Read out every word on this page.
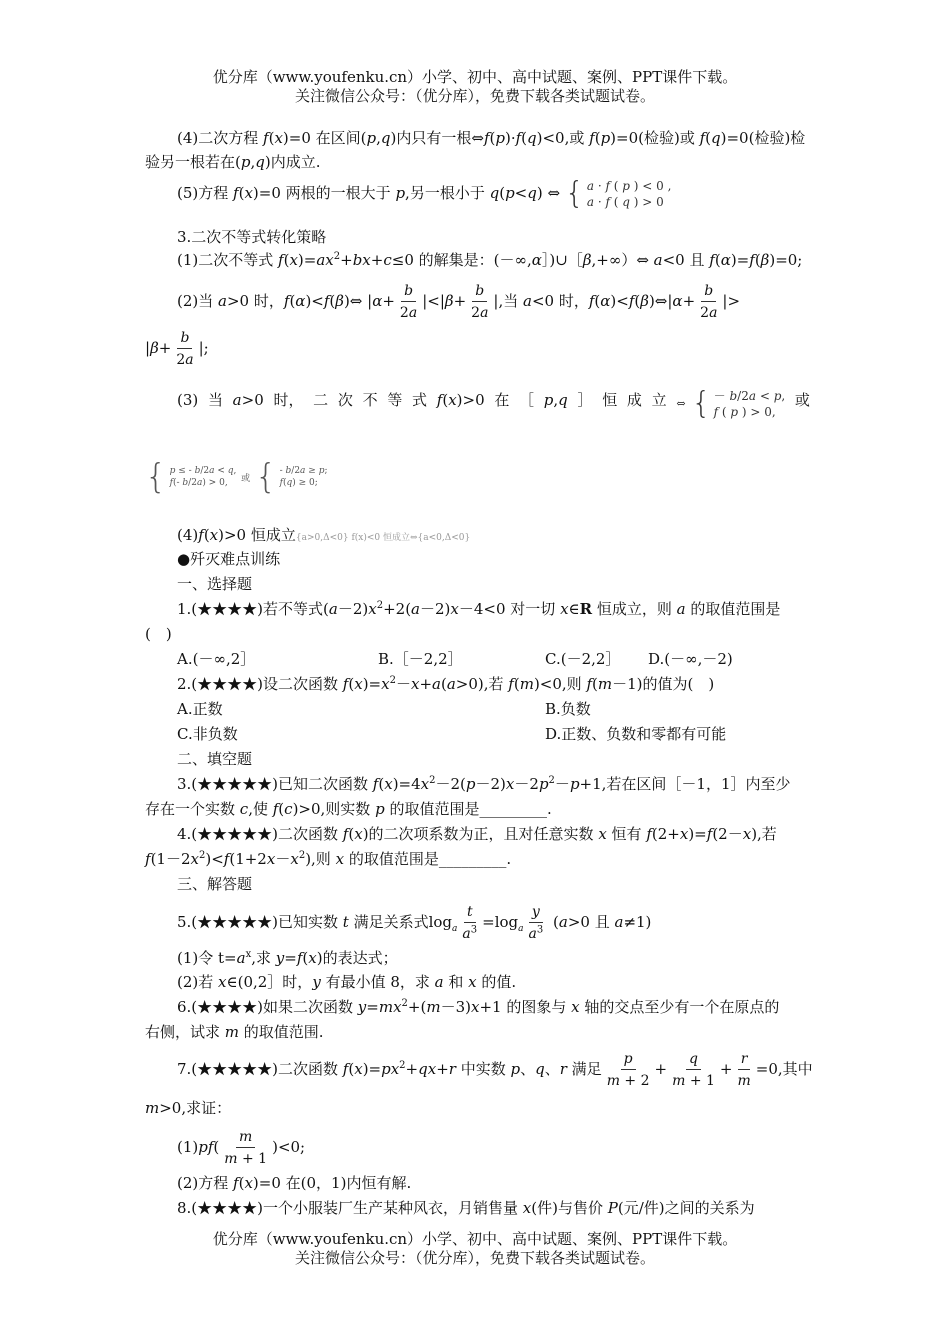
优分库（www.youfenku.cn）小学、初中、高中试题、案例、PPT课件下载。
关注微信公众号：（优分库），免费下载各类试题试卷。
(4)二次方程 f(x)=0 在区间(p,q)内只有一根⇔f(p)·f(q)<0,或 f(p)=0(检验)或 f(q)=0(检验)检
验另一根若在(p,q)内成立.
(5)方程 f(x)=0 两根的一根大于 p,另一根小于 q(p<q) ⇔ { a · f ( p ) < 0 ,
a · f ( q ) > 0
3.二次不等式转化策略
(1)二次不等式 $f(x)=ax^2+bx+c\le 0$ 的解集是：(－∞,α］)∪［β,+∞）⇔ a<0 且 f(α)=f(β)=0;
(2)当 a>0 时，f(α)<f(β)⇔ $|\alpha+ \frac{b}{2a} |<|\beta+ \frac{b}{2a}$ |,当 a<0 时，f(α)<f(β)⇔|α+ $\frac{b}{2a}$ |>
$|\beta+ \frac{b}{2a}$ |;
(3) 当 a>0 时， 二 次 不 等 式 f(x)>0 在 ［ p,q ］ 恒 成 立 ⇔ { － b/2a < p,
f ( p ) > 0,
或
{ p ≤ - b/2a < q,
f(- b/2a) > 0,	或 { - b/2a ≥ p;
f(q) ≥ 0;
(4)f(x)>0 恒成立{a>0,Δ<0} f(x)<0 恒成立⇔{a<0,Δ<0}
●歼灭难点训练
一、选择题
1.(★★★★)若不等式$(a-2)x^2+2(a-2)x-4<0$ 对一切 x∈R 恒成立，则 a 的取值范围是
(　)
A.(－∞,2］	B.［－2,2］	C.(－2,2］ D.(－∞,－2)
2.(★★★★)设二次函数 $f(x)=x^2-x+a(a>0)$,若 f(m)<0,则 f(m－1)的值为(　)
A.正数	B.负数
C.非负数	D.正数、负数和零都有可能
二、填空题
3.(★★★★★)已知二次函数 $f(x)=4x^2-2(p-2)x-2p^2-p+1$,若在区间［－1，1］内至少
存在一个实数 c,使 f(c)>0,则实数 p 的取值范围是_________.
4.(★★★★★)二次函数 f(x)的二次项系数为正，且对任意实数 x 恒有 f(2+x)=f(2－x),若
$f(1-2x^2)<f(1+2x-x^2)$,则 x 的取值范围是_________.
三、解答题
5.(★★★★★)已知实数 t 满足关系式$\log_a \frac{t}{a^3} =\log_a \frac{y}{a^3} (a>0$ 且 a≠1)
(1)令 $t=a^x$,求 y=f(x)的表达式；
(2)若 x∈(0,2］时，y 有最小值 8，求 a 和 x 的值.
6.(★★★★)如果二次函数 $y=mx^2+(m-3)x+1$ 的图象与 x 轴的交点至少有一个在原点的
右侧，试求 m 的取值范围.
7.(★★★★★)二次函数 $f(x)=px^2+qx+r$ 中实数 p、q、r 满足 $\frac{p}{m + 2} + \frac{q}{m + 1} + \frac{r}{m} =0$,其中
m>0,求证：
$(1)pf( \frac{m}{m + 1} )<0$;
(2)方程 f(x)=0 在(0，1)内恒有解.
8.(★★★★)一个小服装厂生产某种风衣，月销售量 x(件)与售价 P(元/件)之间的关系为
优分库（www.youfenku.cn）小学、初中、高中试题、案例、PPT课件下载。
关注微信公众号：（优分库），免费下载各类试题试卷。
